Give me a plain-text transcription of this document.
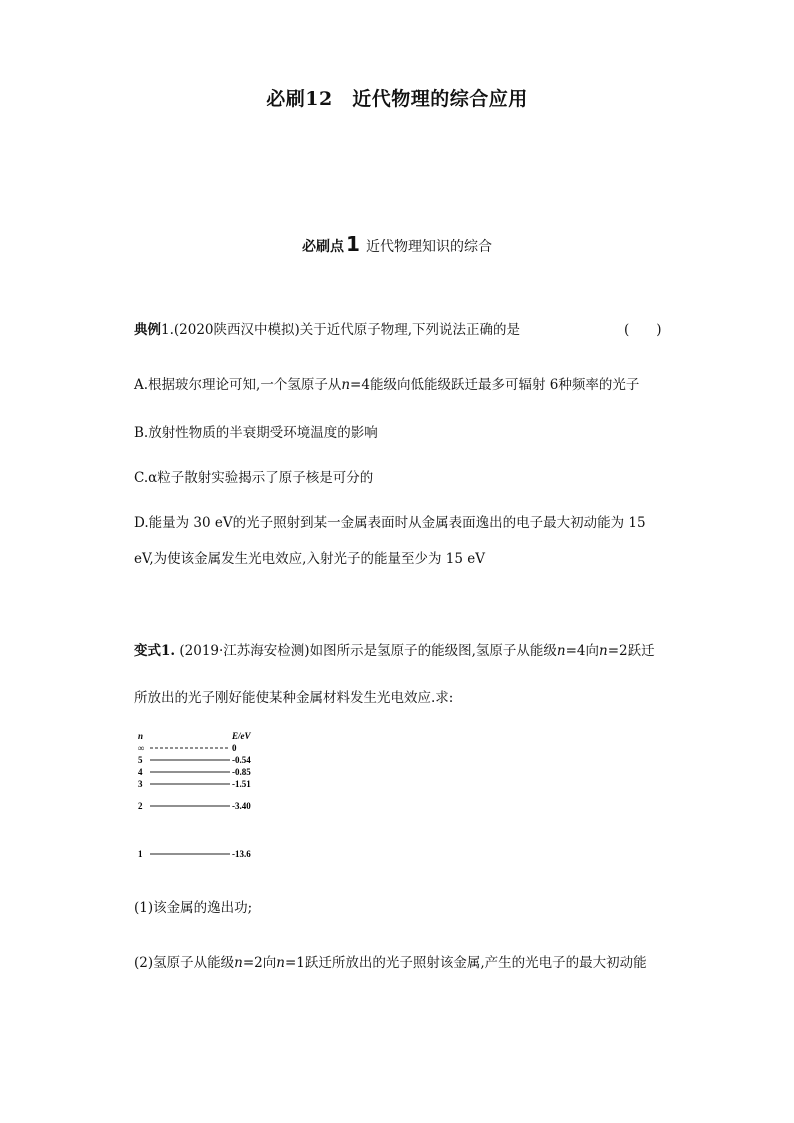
必刷12　近代物理的综合应用
必刷点 1 近代物理知识的综合
典例1.(2020陕西汉中模拟)关于近代原子物理,下列说法正确的是	(　　)
A.根据玻尔理论可知,一个氢原子从n=4能级向低能级跃迁最多可辐射 6种频率的光子
B.放射性物质的半衰期受环境温度的影响
C.α粒子散射实验揭示了原子核是可分的
D.能量为 30 eV的光子照射到某一金属表面时从金属表面逸出的电子最大初动能为 15
eV,为使该金属发生光电效应,入射光子的能量至少为 15 eV
变式1. (2019·江苏海安检测)如图所示是氢原子的能级图,氢原子从能级n=4向n=2跃迁
所放出的光子刚好能使某种金属材料发生光电效应.求:
n	E/eV
∞	0
5	-0.54
4	-0.85
3	-1.51
2	-3.40
1	-13.6
(1)该金属的逸出功;
(2)氢原子从能级n=2向n=1跃迁所放出的光子照射该金属,产生的光电子的最大初动能
